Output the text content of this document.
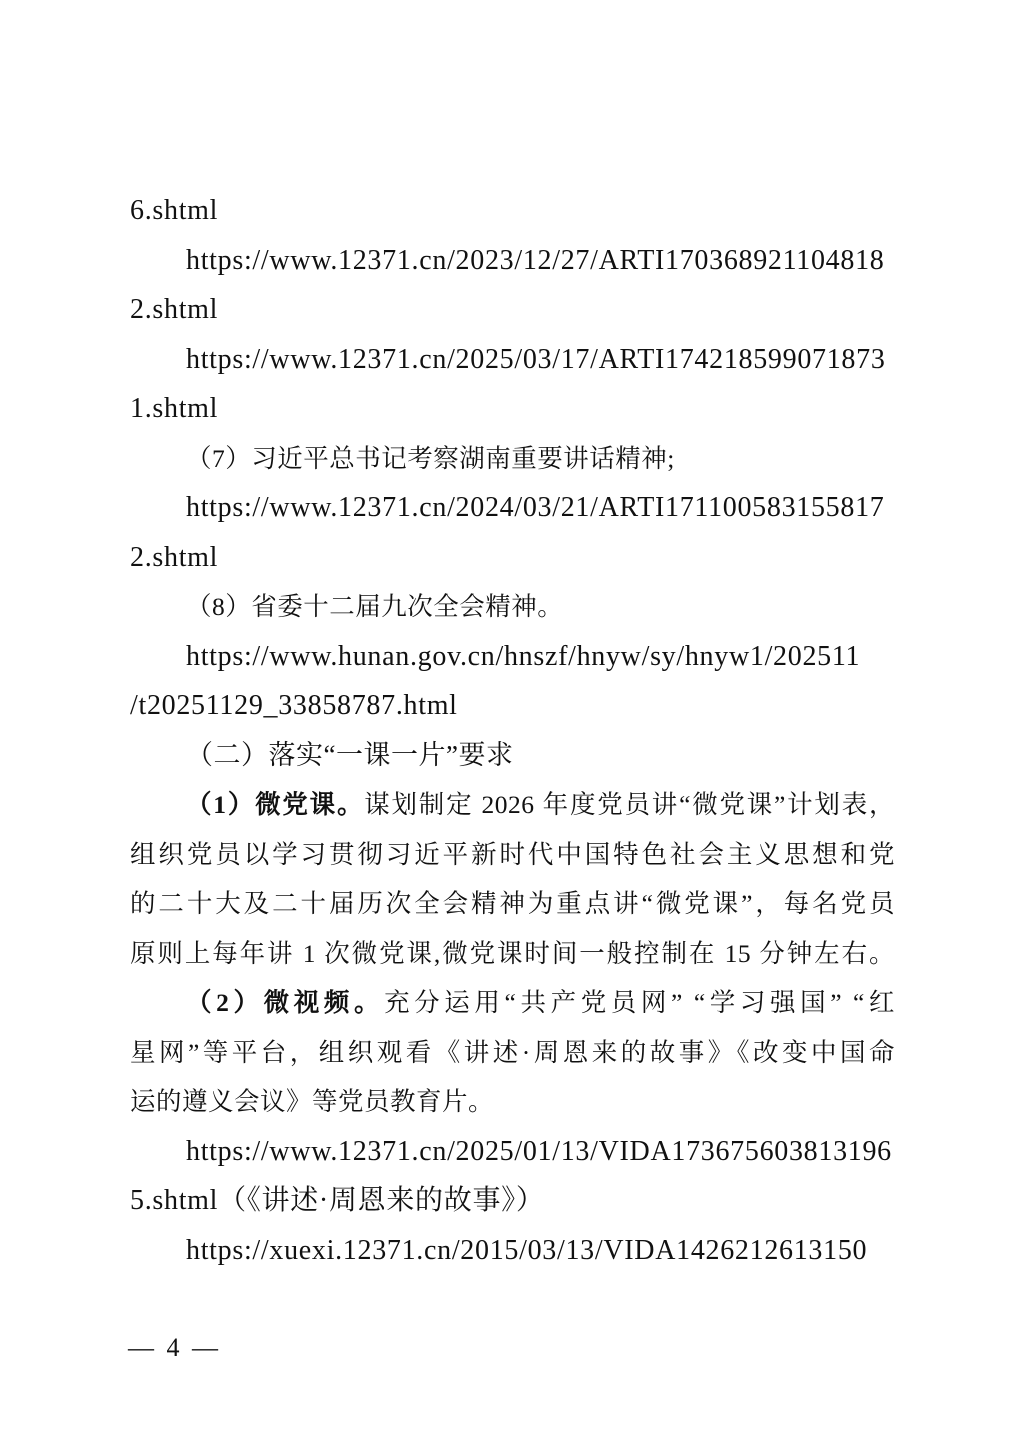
6.shtml
https://www.12371.cn/2023/12/27/ARTI170368921104818
2.shtml
https://www.12371.cn/2025/03/17/ARTI174218599071873
1.shtml
（7）习近平总书记考察湖南重要讲话精神;
https://www.12371.cn/2024/03/21/ARTI171100583155817
2.shtml
（8）省委十二届九次全会精神。
https://www.hunan.gov.cn/hnszf/hnyw/sy/hnyw1/202511
/t20251129_33858787.html
（二）落实“一课一片”要求
（1）微党课。谋划制定 2026 年度党员讲“微党课”计划表，
组织党员以学习贯彻习近平新时代中国特色社会主义思想和党
的二十大及二十届历次全会精神为重点讲“微党课”，每名党员
原则上每年讲 1 次微党课,微党课时间一般控制在 15 分钟左右。
（2）微视频。充分运用“共产党员网” “学习强国” “红
星网”等平台，组织观看《讲述·周恩来的故事》《改变中国命
运的遵义会议》等党员教育片。
https://www.12371.cn/2025/01/13/VIDA173675603813196
5.shtml（《讲述·周恩来的故事》）
https://xuexi.12371.cn/2015/03/13/VIDA1426212613150
— 4 —
